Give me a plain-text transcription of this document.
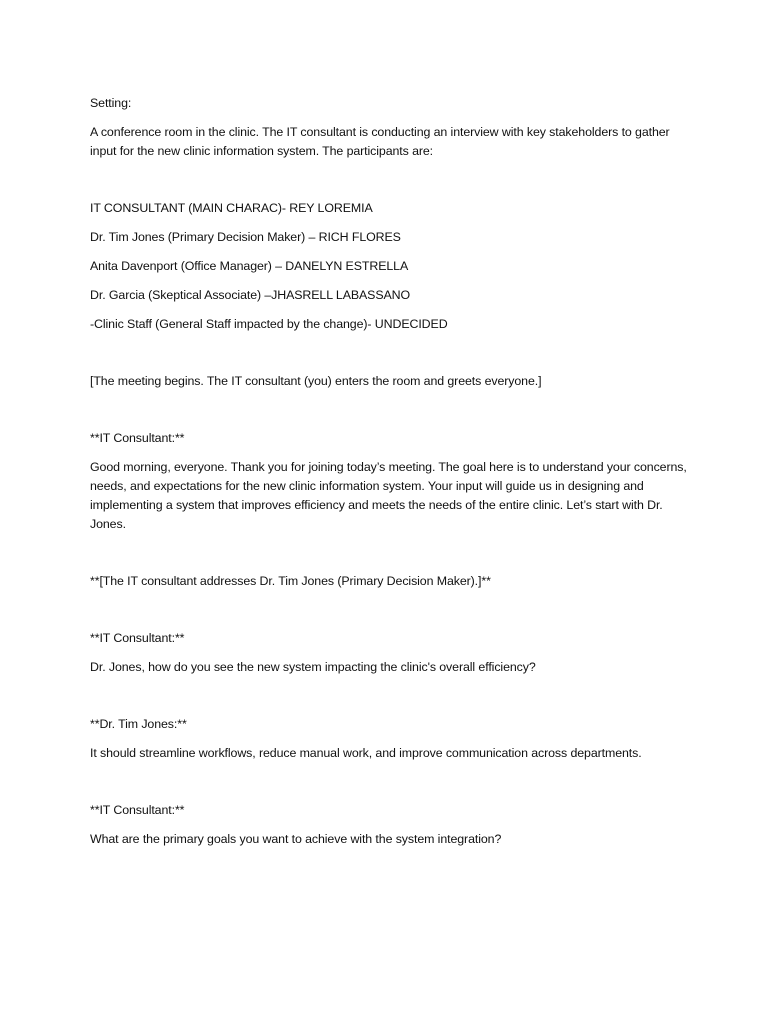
Setting:

A conference room in the clinic. The IT consultant is conducting an interview with key stakeholders to gather input for the new clinic information system. The participants are:

IT CONSULTANT (MAIN CHARAC)- REY LOREMIA

Dr. Tim Jones (Primary Decision Maker) – RICH FLORES

Anita Davenport (Office Manager) – DANELYN ESTRELLA

Dr. Garcia (Skeptical Associate) –JHASRELL LABASSANO

-Clinic Staff (General Staff impacted by the change)- UNDECIDED

[The meeting begins. The IT consultant (you) enters the room and greets everyone.]

**IT Consultant:**

Good morning, everyone. Thank you for joining today’s meeting. The goal here is to understand your concerns, needs, and expectations for the new clinic information system. Your input will guide us in designing and implementing a system that improves efficiency and meets the needs of the entire clinic. Let’s start with Dr. Jones.

**[The IT consultant addresses Dr. Tim Jones (Primary Decision Maker).]**

**IT Consultant:**

Dr. Jones, how do you see the new system impacting the clinic's overall efficiency?

**Dr. Tim Jones:**

It should streamline workflows, reduce manual work, and improve communication across departments.

**IT Consultant:**

What are the primary goals you want to achieve with the system integration?
